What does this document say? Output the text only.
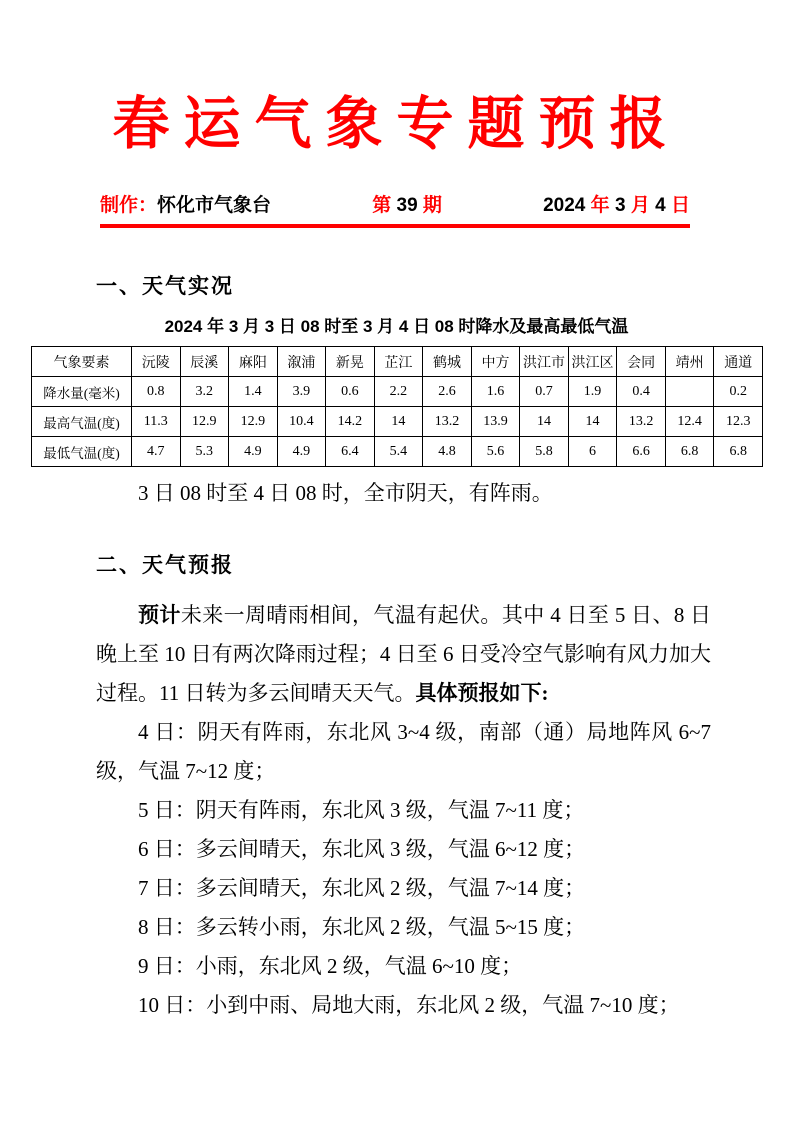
春运气象专题预报
制作：怀化市气象台	第 39 期	2024 年 3 月 4 日
一、天气实况
2024 年 3 月 3 日 08 时至 3 月 4 日 08 时降水及最高最低气温
气象要素	沅陵	辰溪	麻阳	溆浦	新晃	芷江	鹤城	中方	洪江市	洪江区	会同	靖州	通道
降水量(毫米)	0.8	3.2	1.4	3.9	0.6	2.2	2.6	1.6	0.7	1.9	0.4		0.2
最高气温(度)	11.3	12.9	12.9	10.4	14.2	14	13.2	13.9	14	14	13.2	12.4	12.3
最低气温(度)	4.7	5.3	4.9	4.9	6.4	5.4	4.8	5.6	5.8	6	6.6	6.8	6.8

3 日 08 时至 4 日 08 时，全市阴天，有阵雨。

二、天气预报

预计未来一周晴雨相间，气温有起伏。其中 4 日至 5 日、8 日晚上至 10 日有两次降雨过程；4 日至 6 日受冷空气影响有风力加大过程。11 日转为多云间晴天天气。具体预报如下:

4 日：阴天有阵雨，东北风 3~4 级，南部（通）局地阵风 6~7 级，气温 7~12 度；

5 日：阴天有阵雨，东北风 3 级，气温 7~11 度；

6 日：多云间晴天，东北风 3 级，气温 6~12 度；

7 日：多云间晴天，东北风 2 级，气温 7~14 度；

8 日：多云转小雨，东北风 2 级，气温 5~15 度；

9 日：小雨，东北风 2 级，气温 6~10 度；

10 日：小到中雨、局地大雨，东北风 2 级，气温 7~10 度；
